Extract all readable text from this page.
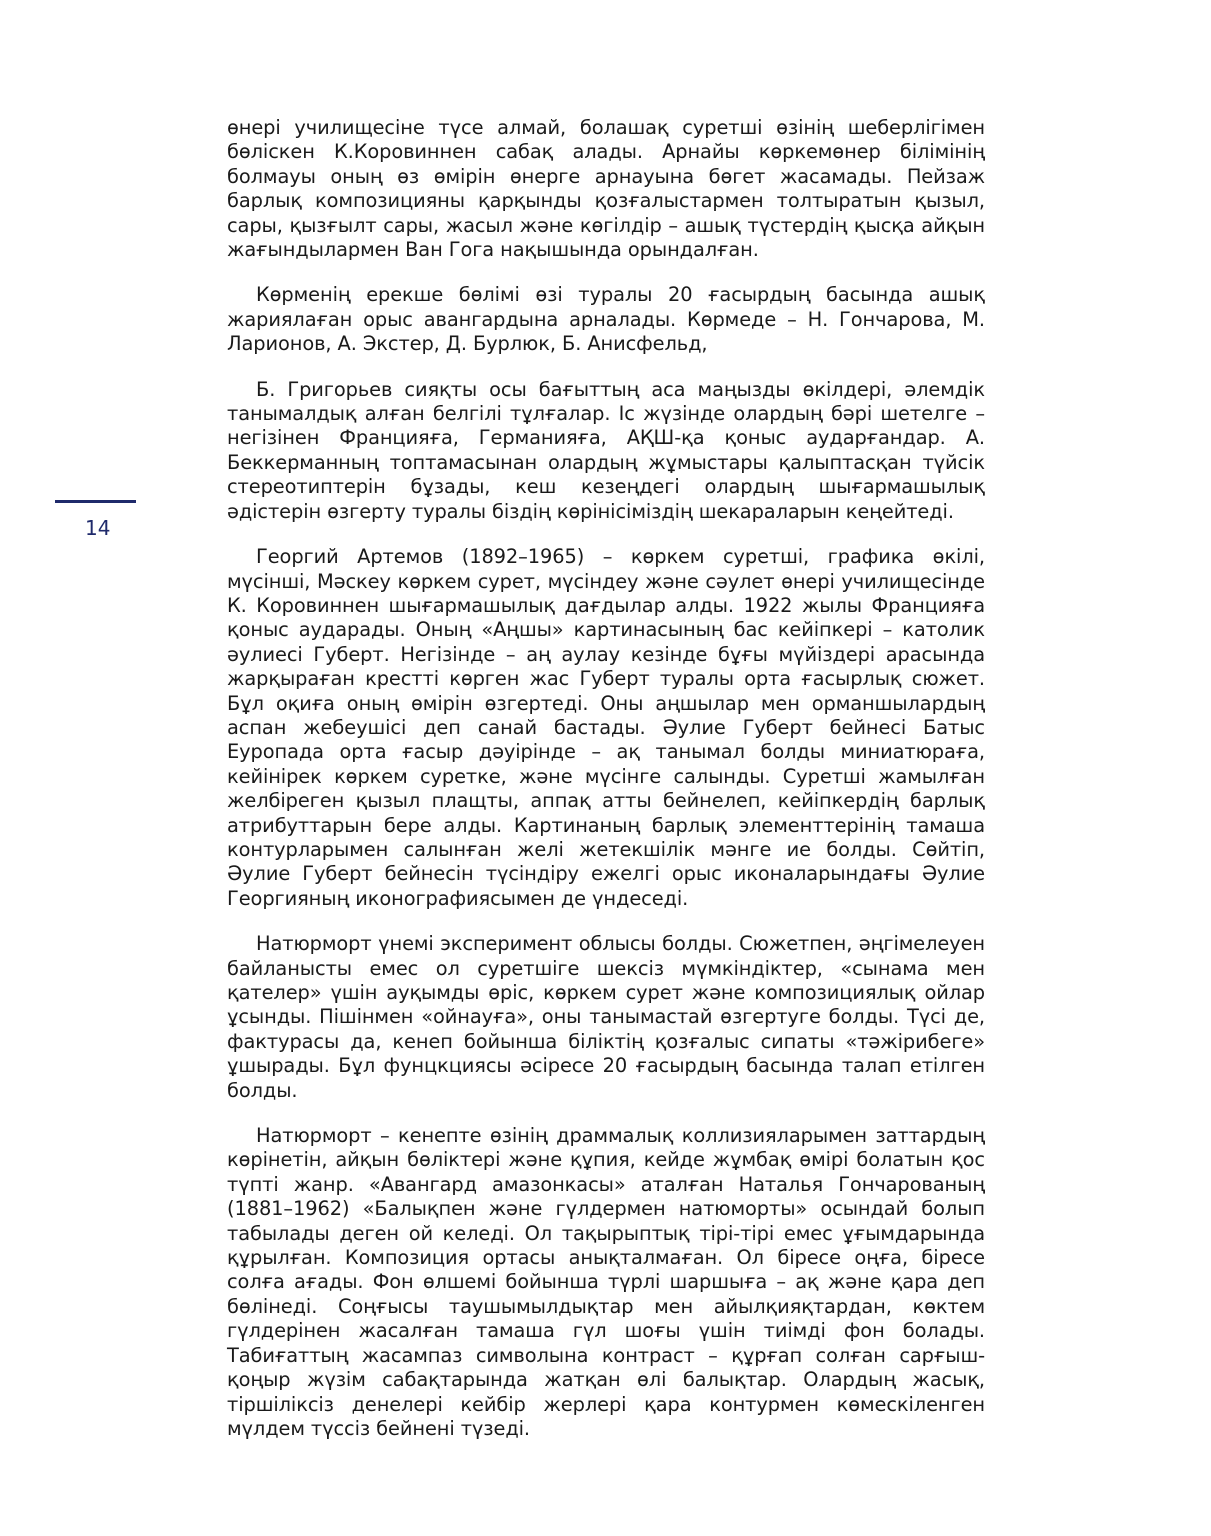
14

өнері училищесіне түсе алмай, болашақ суретші өзінің шеберлігімен бөліскен К.Коровиннен сабақ алады. Арнайы көркемөнер білімінің болмауы оның өз өмірін өнерге арнауына бөгет жасамады. Пейзаж барлық композицияны қарқынды қозғалыстармен толтыратын қызыл, сары, қызғылт сары, жасыл және көгілдір – ашық түстердің қысқа айқын жағындылармен Ван Гога нақышында орындалған.

Көрменің ерекше бөлімі өзі туралы 20 ғасырдың басында ашық жариялаған орыс авангардына арналады. Көрмеде – Н. Гончарова, М. Ларионов, А. Экстер, Д. Бурлюк, Б. Анисфельд,

Б. Григорьев сияқты осы бағыттың аса маңызды өкілдері, әлемдік танымалдық алған белгілі тұлғалар. Іс жүзінде олардың бәрі шетелге – негізінен Францияға, Германияға, АҚШ-қа қоныс аударғандар. А. Беккерманның топтамасынан олардың жұмыстары қалыптасқан түйсік стереотиптерін бұзады, кеш кезеңдегі олардың шығармашылық әдістерін өзгерту туралы біздің көрінісіміздің шекараларын кеңейтеді.

Георгий Артемов (1892–1965) – көркем суретші, графика өкілі, мүсінші, Мәскеу көркем сурет, мүсіндеу және сәулет өнері училищесінде К. Коровиннен шығармашылық дағдылар алды. 1922 жылы Францияға қоныс аударады. Оның «Аңшы» картинасының бас кейіпкері – католик әулиесі Губерт. Негізінде – аң аулау кезінде бұғы мүйіздері арасында жарқыраған крестті көрген жас Губерт туралы орта ғасырлық сюжет. Бұл оқиға оның өмірін өзгертеді. Оны аңшылар мен орманшылардың аспан жебеушісі деп санай бастады. Әулие Губерт бейнесі Батыс Еуропада орта ғасыр дәуірінде – ақ танымал болды миниатюраға, кейінірек көркем суретке, және мүсінге салынды. Суретші жамылған желбіреген қызыл плащты, аппақ атты бейнелеп, кейіпкердің барлық атрибуттарын бере алды. Картинаның барлық элементтерінің тамаша контурларымен салынған желі жетекшілік мәнге ие болды. Сөйтіп, Әулие Губерт бейнесін түсіндіру ежелгі орыс иконаларындағы Әулие Георгияның иконографиясымен де үндеседі.

Натюрморт үнемі эксперимент облысы болды. Сюжетпен, әңгімелеуен байланысты емес ол суретшіге шексіз мүмкіндіктер, «сынама мен қателер» үшін ауқымды өріс, көркем сурет және композициялық ойлар ұсынды. Пішінмен «ойнауға», оны танымастай өзгертуге болды. Түсі де, фактурасы да, кенеп бойынша біліктің қозғалыс сипаты «тәжірибеге» ұшырады. Бұл фунцкциясы әсіресе 20 ғасырдың басында талап етілген болды.

Натюрморт – кенепте өзінің драммалық коллизияларымен заттардың көрінетін, айқын бөліктері және құпия, кейде жұмбақ өмірі болатын қос түпті жанр. «Авангард амазонкасы» аталған Наталья Гончарованың (1881–1962) «Балықпен және гүлдермен натюморты» осындай болып табылады деген ой келеді. Ол тақырыптық тірі-тірі емес ұғымдарында құрылған. Композиция ортасы анықталмаған. Ол біресе оңға, біресе солға ағады. Фон өлшемі бойынша түрлі шаршыға – ақ және қара деп бөлінеді. Соңғысы таушымылдықтар мен айылқияқтардан, көктем гүлдерінен жасалған тамаша гүл шоғы үшін тиімді фон болады. Табиғаттың жасампаз символына контраст – құрғап солған сарғыш-қоңыр жүзім сабақтарында жатқан өлі балықтар. Олардың жасық, тіршіліксіз денелері кейбір жерлері қара контурмен көмескіленген мүлдем түссіз бейнені түзеді.
